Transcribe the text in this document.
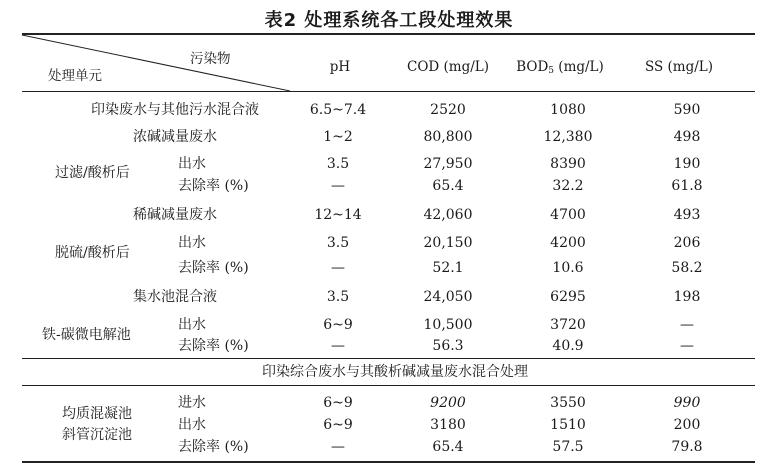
表2 处理系统各工段处理效果
污染物
处理单元
pH	COD (mg/L) $BOD_5$ (mg/L)	SS (mg/L)
印染废水与其他污水混合液	6.5~7.4	2520	1080	590
浓碱减量废水	1~2	80,800	12,380	498
过滤/酸析后
出水	3.5	27,950	8390	190
去除率 (%)	—	65.4	32.2	61.8
稀碱减量废水	12~14	42,060	4700	493
脱硫/酸析后
出水	3.5	20,150	4200	206
去除率 (%)	—	52.1	10.6	58.2
集水池混合液	3.5	24,050	6295	198
铁-碳微电解池
出水	6~9	10,500	3720	—
去除率 (%)	—	56.3	40.9	—
印染综合废水与其酸析碱减量废水混合处理
均质混凝池
斜管沉淀池
进水	6~9	9200	3550	990
出水	6~9	3180	1510	200
去除率 (%)	—	65.4	57.5	79.8
